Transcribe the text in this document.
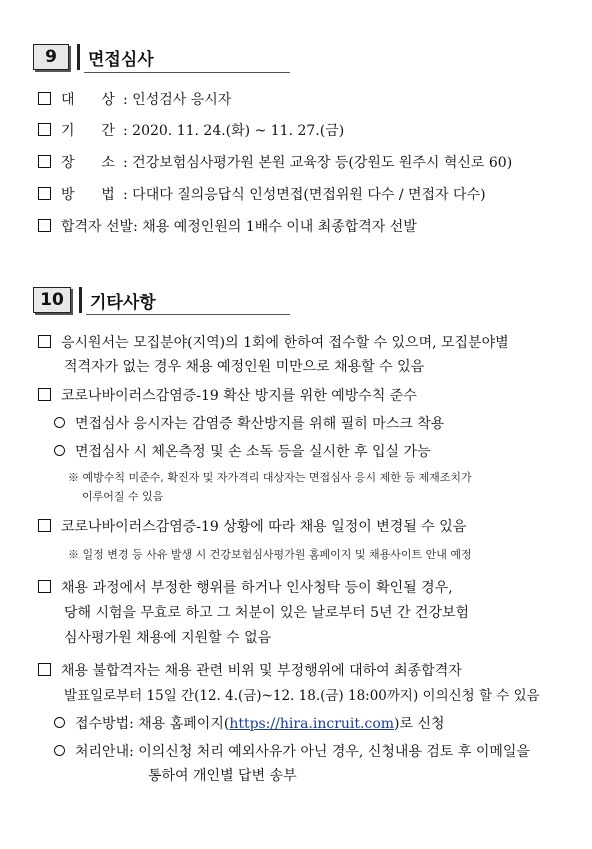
9	면접심사
대      상 : 인성검사 응시자
기      간 : 2020. 11. 24.(화) ~ 11. 27.(금)
장      소 : 건강보험심사평가원 본원 교육장 등(강원도 원주시 혁신로 60)
방      법 : 다대다 질의응답식 인성면접(면접위원 다수 / 면접자 다수)
합격자 선발: 채용 예정인원의 1배수 이내 최종합격자 선발
10	기타사항
응시원서는 모집분야(지역)의 1회에 한하여 접수할 수 있으며, 모집분야별
적격자가 없는 경우 채용 예정인원 미만으로 채용할 수 있음
코로나바이러스감염증-19 확산 방지를 위한 예방수칙 준수
면접심사 응시자는 감염증 확산방지를 위해 필히 마스크 착용
면접심사 시 체온측정 및 손 소독 등을 실시한 후 입실 가능
※ 예방수칙 미준수, 확진자 및 자가격리 대상자는 면접심사 응시 제한 등 제재조치가
이루어질 수 있음
코로나바이러스감염증-19 상황에 따라 채용 일정이 변경될 수 있음
※ 일정 변경 등 사유 발생 시 건강보험심사평가원 홈페이지 및 채용사이트 안내 예정
채용 과정에서 부정한 행위를 하거나 인사청탁 등이 확인될 경우,
당해 시험을 무효로 하고 그 처분이 있은 날로부터 5년 간 건강보험
심사평가원 채용에 지원할 수 없음
채용 불합격자는 채용 관련 비위 및 부정행위에 대하여 최종합격자
발표일로부터 15일 간(12. 4.(금)~12. 18.(금) 18:00까지) 이의신청 할 수 있음
접수방법: 채용 홈페이지(https://hira.incruit.com)로 신청
처리안내: 이의신청 처리 예외사유가 아닌 경우, 신청내용 검토 후 이메일을
통하여 개인별 답변 송부
